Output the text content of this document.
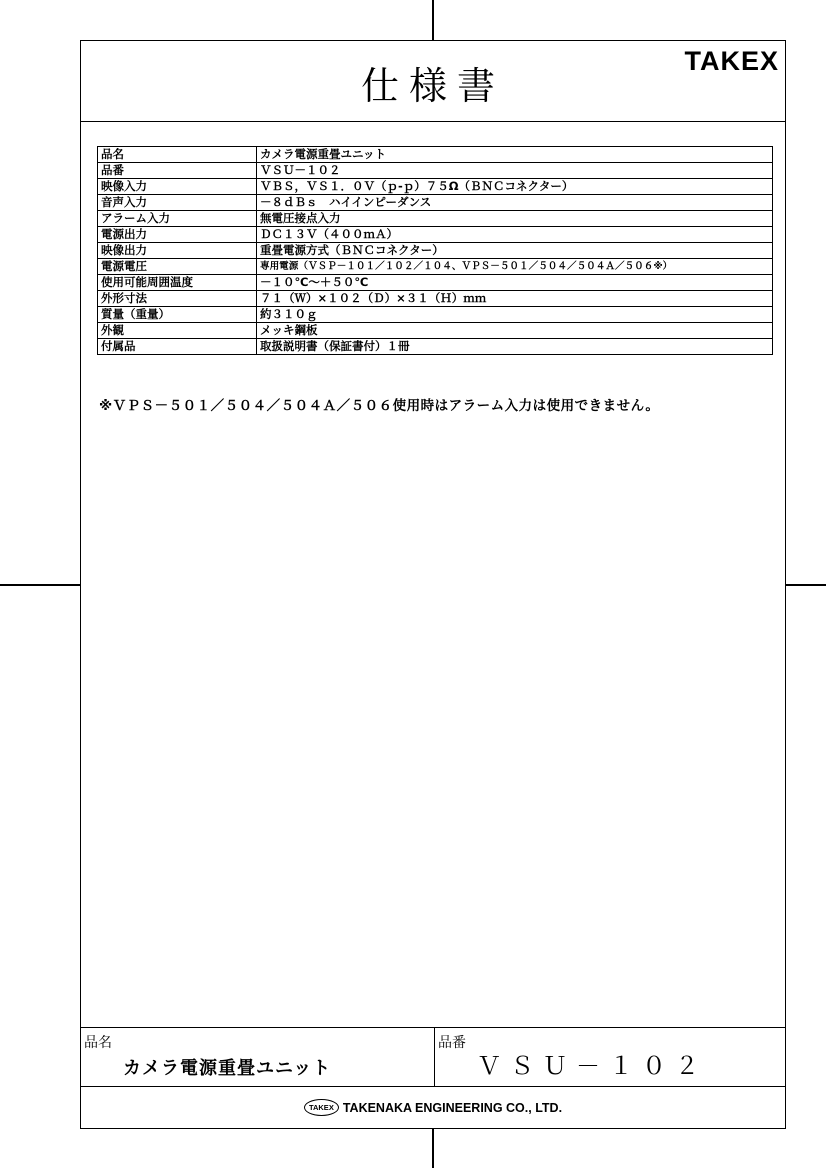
仕様書
TAKEX
品名	カメラ電源重畳ユニット
品番	ＶＳＵ－１０２
映像入力	ＶＢＳ，ＶＳ１．０Ｖ（ｐ-ｐ）７５Ω（ＢＮＣコネクター）
音声入力	－８ｄＢｓ　ハイインピーダンス
アラーム入力	無電圧接点入力
電源出力	ＤＣ１３Ｖ（４００ｍＡ）
映像出力	重畳電源方式（ＢＮＣコネクター）
電源電圧	専用電源（ＶＳＰ－１０１／１０２／１０４、ＶＰＳ－５０１／５０４／５０４Ａ／５０６※）
使用可能周囲温度	－１０℃～＋５０℃
外形寸法	７１（Ｗ）×１０２（Ｄ）×３１（Ｈ）ｍｍ
質量（重量）	約３１０ｇ
外観	メッキ鋼板
付属品	取扱説明書（保証書付）１冊
※ＶＰＳ－５０１／５０４／５０４Ａ／５０６使用時はアラーム入力は使用できません。
品名
カメラ電源重畳ユニット
品番
ＶＳＵ－１０２
TAKEX TAKENAKA ENGINEERING CO., LTD.
